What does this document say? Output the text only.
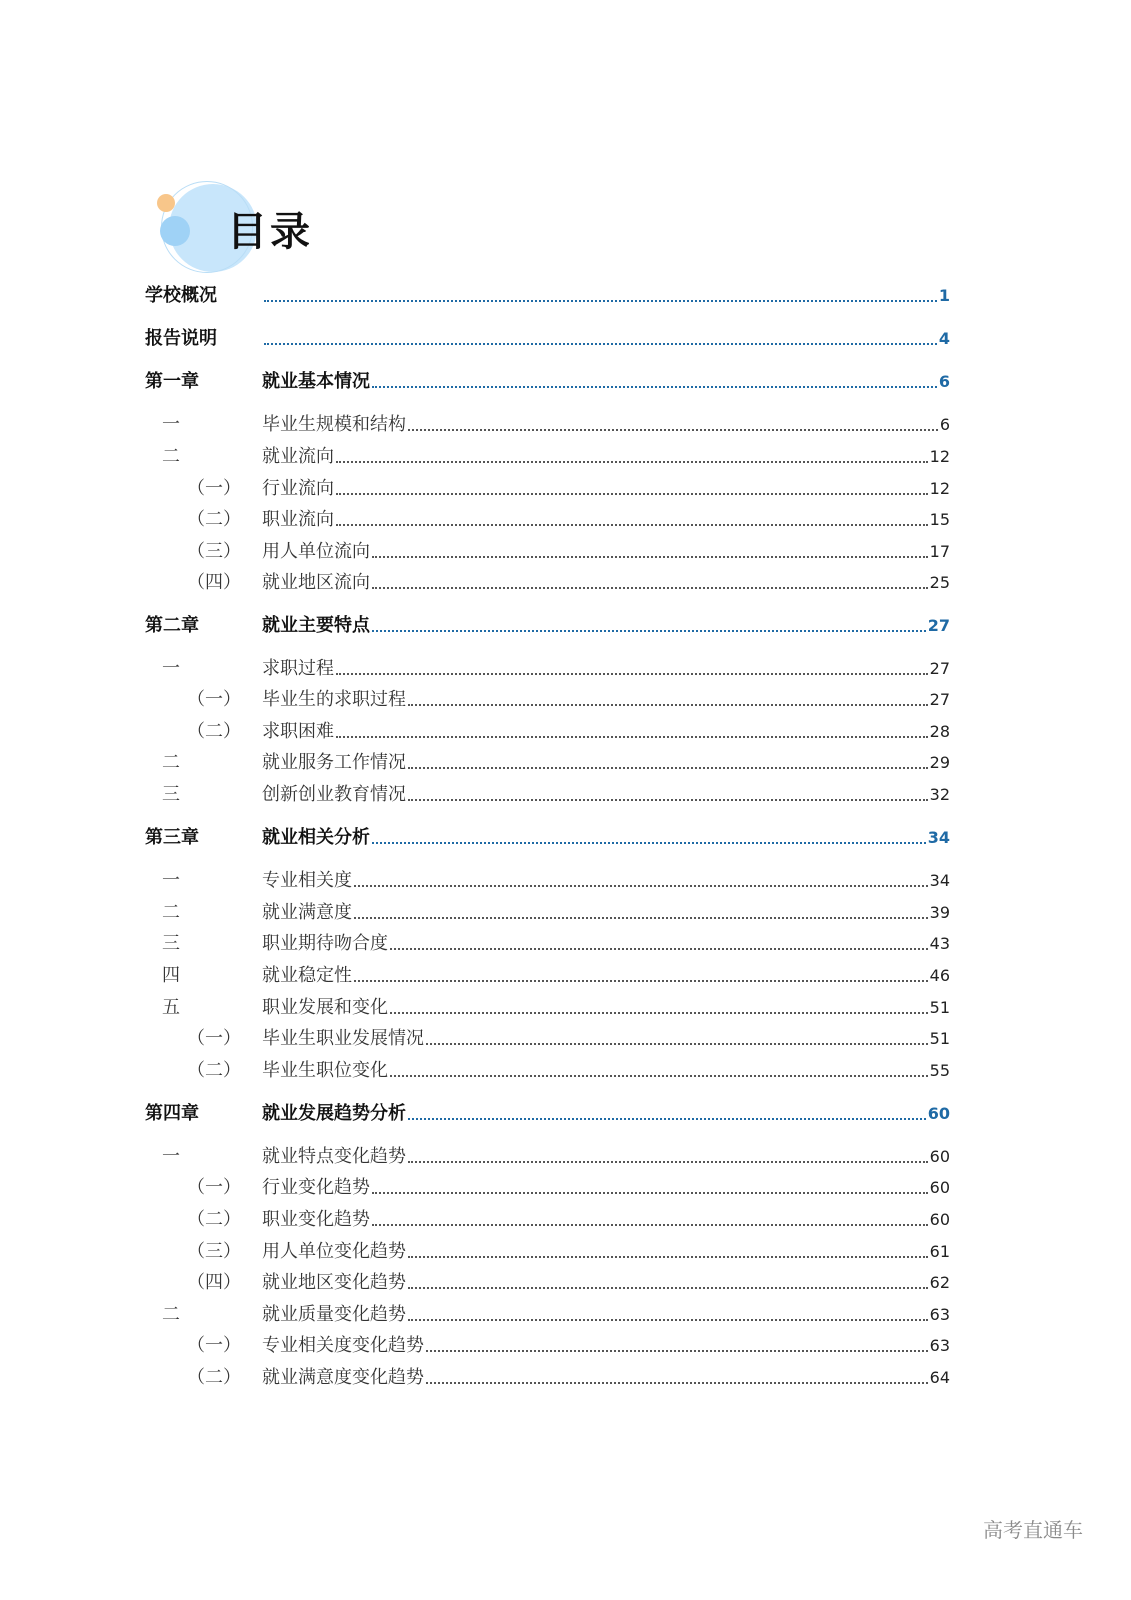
目录
学校概况	1
报告说明	4
第一章	就业基本情况	6
一	毕业生规模和结构	6
二	就业流向	12
（一） 行业流向	12
（二） 职业流向	15
（三） 用人单位流向	17
（四） 就业地区流向	25
第二章	就业主要特点	27
一	求职过程	27
（一） 毕业生的求职过程	27
（二） 求职困难	28
二	就业服务工作情况	29
三	创新创业教育情况	32
第三章	就业相关分析	34
一	专业相关度	34
二	就业满意度	39
三	职业期待吻合度	43
四	就业稳定性	46
五	职业发展和变化	51
（一） 毕业生职业发展情况	51
（二） 毕业生职位变化	55
第四章	就业发展趋势分析	60
一	就业特点变化趋势	60
（一） 行业变化趋势	60
（二） 职业变化趋势	60
（三） 用人单位变化趋势	61
（四） 就业地区变化趋势	62
二	就业质量变化趋势	63
（一） 专业相关度变化趋势	63
（二） 就业满意度变化趋势	64
高考直通车
